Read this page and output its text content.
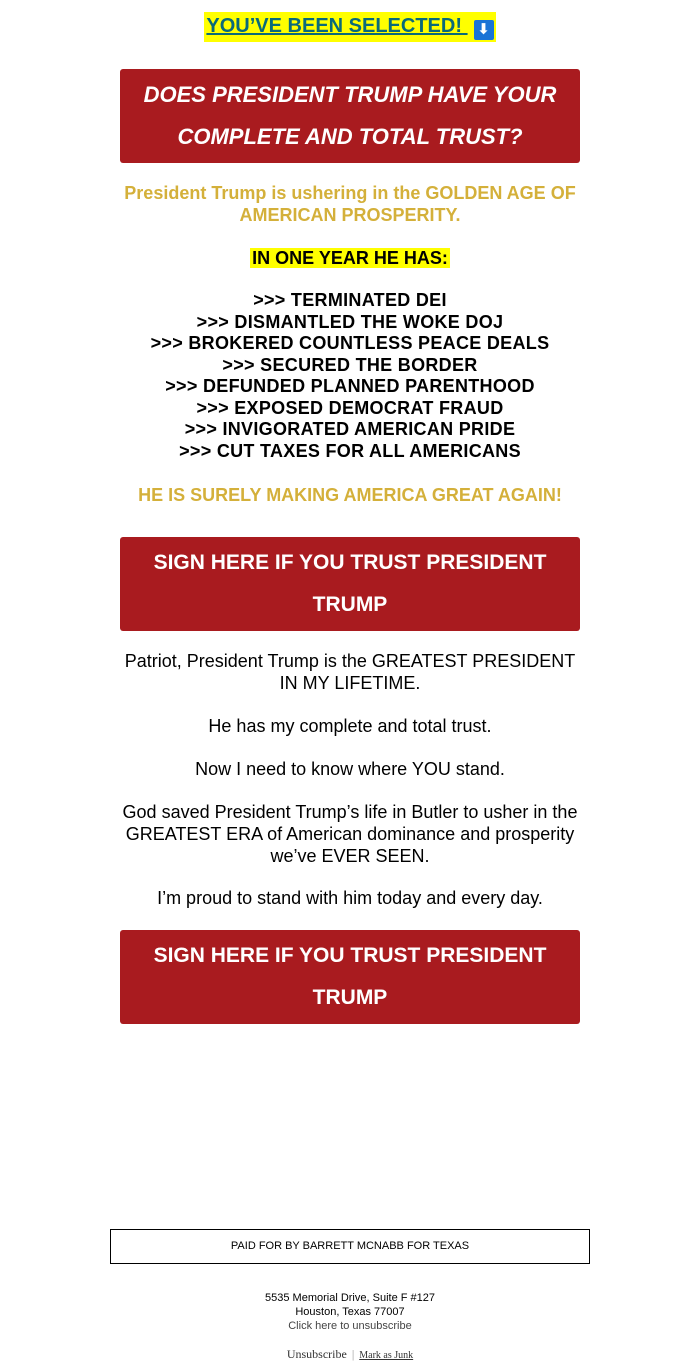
YOU’VE BEEN SELECTED! ⬇
DOES PRESIDENT TRUMP HAVE YOUR
COMPLETE AND TOTAL TRUST?
President Trump is ushering in the GOLDEN AGE OF
AMERICAN PROSPERITY.
IN ONE YEAR HE HAS:
>>> TERMINATED DEI
>>> DISMANTLED THE WOKE DOJ
>>> BROKERED COUNTLESS PEACE DEALS
>>> SECURED THE BORDER
>>> DEFUNDED PLANNED PARENTHOOD
>>> EXPOSED DEMOCRAT FRAUD
>>> INVIGORATED AMERICAN PRIDE
>>> CUT TAXES FOR ALL AMERICANS
HE IS SURELY MAKING AMERICA GREAT AGAIN!
SIGN HERE IF YOU TRUST PRESIDENT
TRUMP
Patriot, President Trump is the GREATEST PRESIDENT
IN MY LIFETIME.
He has my complete and total trust.
Now I need to know where YOU stand.
God saved President Trump’s life in Butler to usher in the
GREATEST ERA of American dominance and prosperity
we’ve EVER SEEN.
I’m proud to stand with him today and every day.
SIGN HERE IF YOU TRUST PRESIDENT
TRUMP
PAID FOR BY BARRETT MCNABB FOR TEXAS
5535 Memorial Drive, Suite F #127
Houston, Texas 77007
Click here to unsubscribe
Unsubscribe | Mark as Junk
